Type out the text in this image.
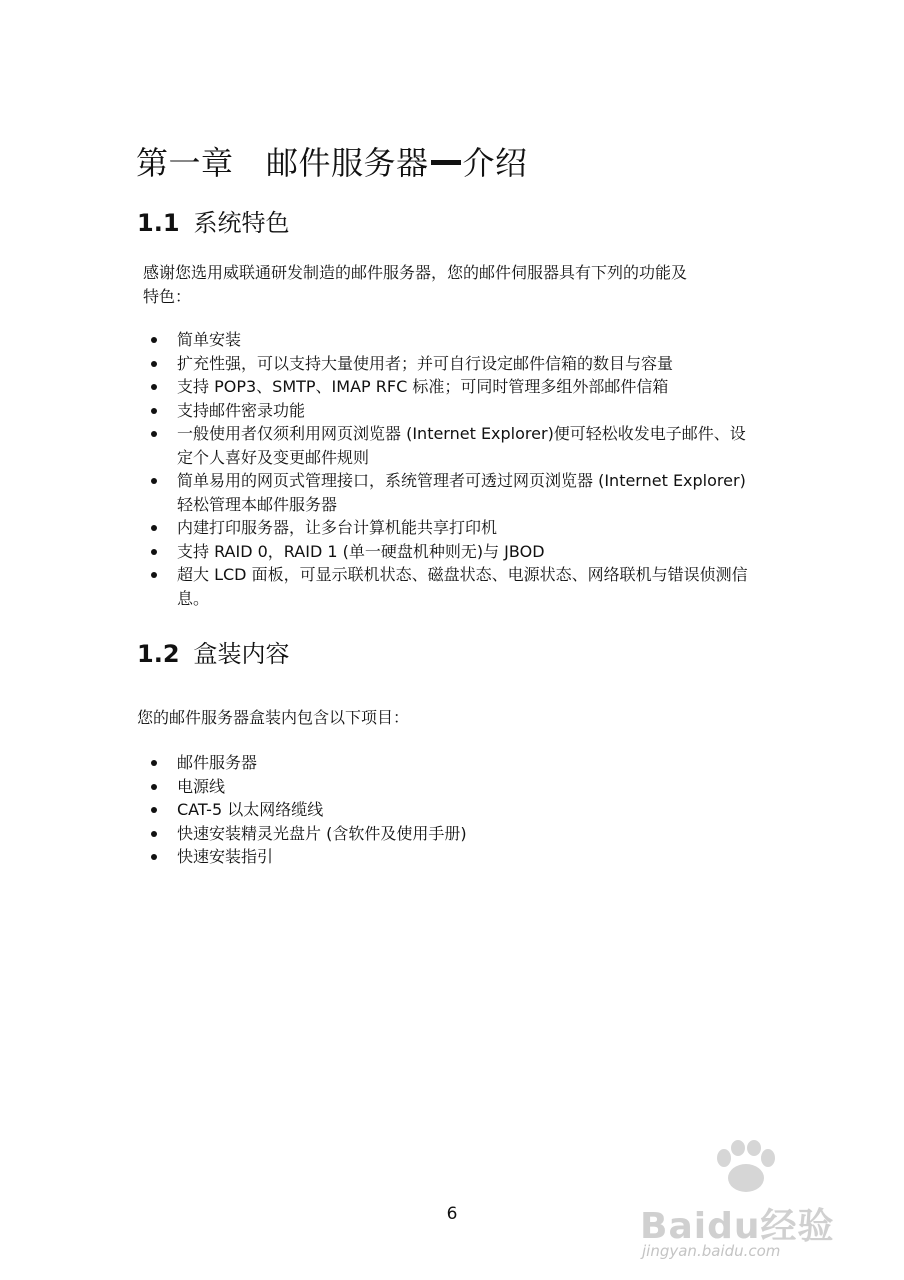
第一章　邮件服务器 介绍
1.1 系统特色
感谢您选用威联通研发制造的邮件服务器，您的邮件伺服器具有下列的功能及
特色：
简单安装
扩充性强，可以支持大量使用者；并可自行设定邮件信箱的数目与容量
支持 POP3、SMTP、IMAP RFC 标准；可同时管理多组外部邮件信箱
支持邮件密录功能
一般使用者仅须利用网页浏览器 (Internet Explorer)便可轻松收发电子邮件、设定个人喜好及变更邮件规则
简单易用的网页式管理接口，系统管理者可透过网页浏览器 (Internet Explorer)轻松管理本邮件服务器
内建打印服务器，让多台计算机能共享打印机
支持 RAID 0，RAID 1 (单一硬盘机种则无)与 JBOD
超大 LCD 面板，可显示联机状态、磁盘状态、电源状态、网络联机与错误侦测信息。
1.2 盒装内容
您的邮件服务器盒装内包含以下项目：
邮件服务器
电源线
CAT-5 以太网络缆线
快速安装精灵光盘片 (含软件及使用手册)
快速安装指引
6	Baidu经验
jingyan.baidu.com
